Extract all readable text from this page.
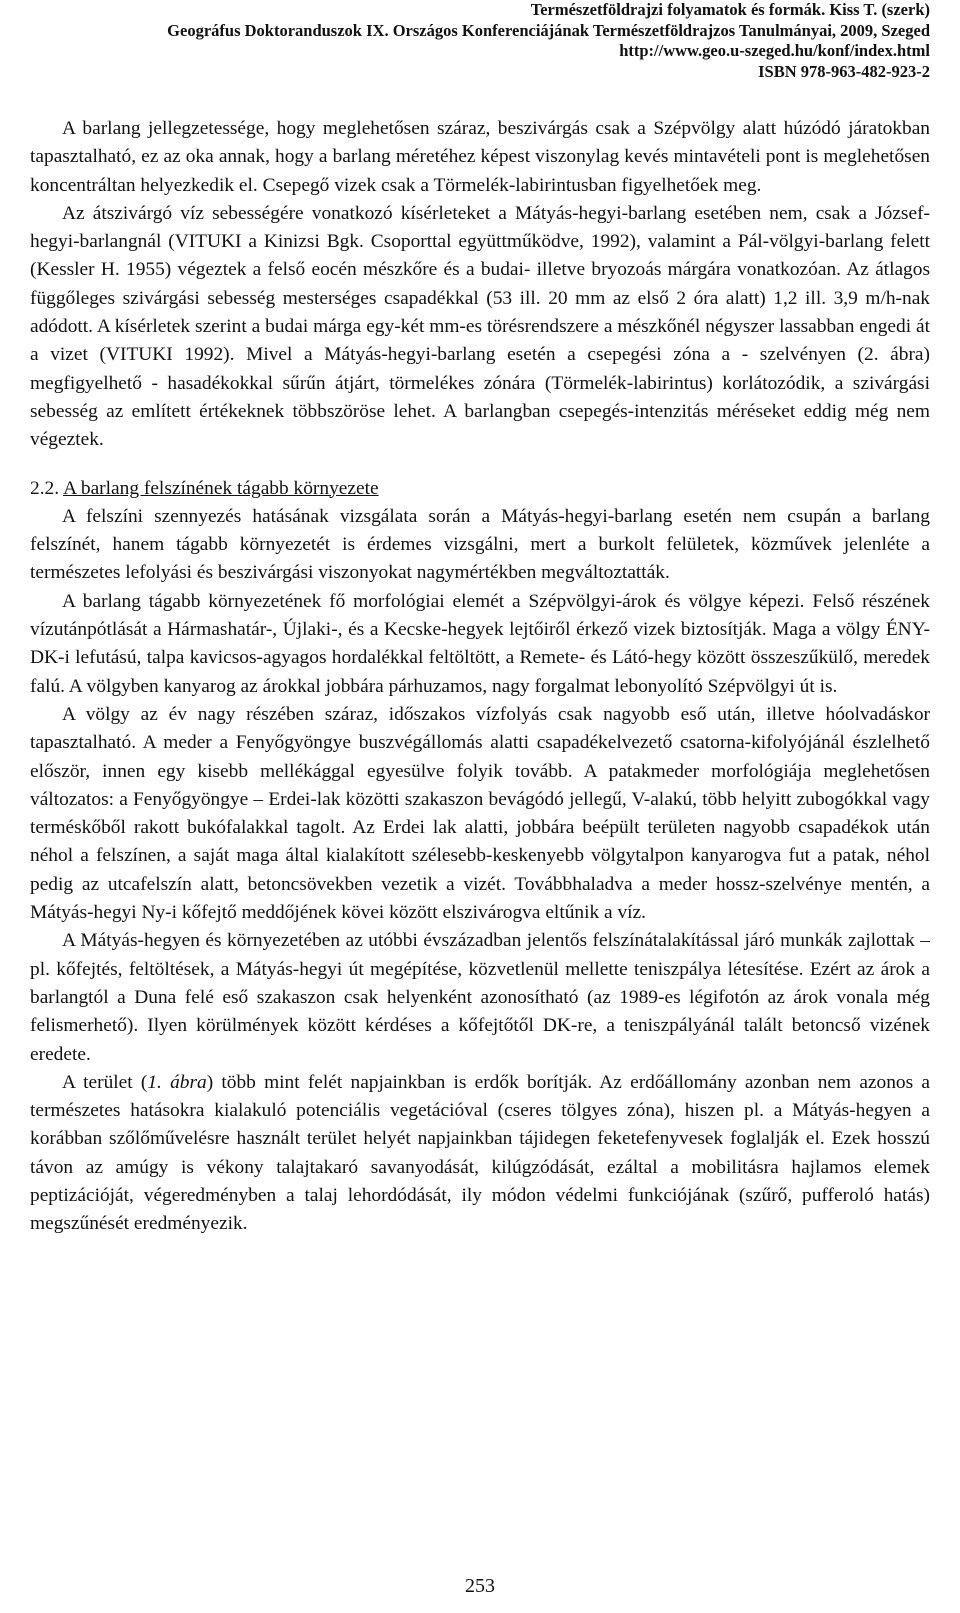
Természetföldrajzi folyamatok és formák. Kiss T. (szerk)
Geográfus Doktoranduszok IX. Országos Konferenciájának Természetföldrajzos Tanulmányai, 2009, Szeged
http://www.geo.u-szeged.hu/konf/index.html
ISBN 978-963-482-923-2

A barlang jellegzetessége, hogy meglehetősen száraz, beszivárgás csak a Szépvölgy alatt húzódó járatokban tapasztalható, ez az oka annak, hogy a barlang méretéhez képest viszonylag kevés mintavételi pont is meglehetősen koncentráltan helyezkedik el. Csepegő vizek csak a Törmelék-labirintusban figyelhetőek meg.

Az átszivárgó víz sebességére vonatkozó kísérleteket a Mátyás-hegyi-barlang esetében nem, csak a József-hegyi-barlangnál (VITUKI a Kinizsi Bgk. Csoporttal együttműködve, 1992), valamint a Pál-völgyi-barlang felett (Kessler H. 1955) végeztek a felső eocén mészkőre és a budai- illetve bryozoás márgára vonatkozóan. Az átlagos függőleges szivárgási sebesség mesterséges csapadékkal (53 ill. 20 mm az első 2 óra alatt) 1,2 ill. 3,9 m/h-nak adódott. A kísérletek szerint a budai márga egy-két mm-es törésrendszere a mészkőnél négyszer lassabban engedi át a vizet (VITUKI 1992). Mivel a Mátyás-hegyi-barlang esetén a csepegési zóna a - szelvényen (2. ábra) megfigyelhető - hasadékokkal sűrűn átjárt, törmelékes zónára (Törmelék-labirintus) korlátozódik, a szivárgási sebesség az említett értékeknek többszöröse lehet. A barlangban csepegés-intenzitás méréseket eddig még nem végeztek.

2.2. A barlang felszínének tágabb környezete

A felszíni szennyezés hatásának vizsgálata során a Mátyás-hegyi-barlang esetén nem csupán a barlang felszínét, hanem tágabb környezetét is érdemes vizsgálni, mert a burkolt felületek, közművek jelenléte a természetes lefolyási és beszivárgási viszonyokat nagymértékben megváltoztatták.

A barlang tágabb környezetének fő morfológiai elemét a Szépvölgyi-árok és völgye képezi. Felső részének vízutánpótlását a Hármashatár-, Újlaki-, és a Kecske-hegyek lejtőiről érkező vizek biztosítják. Maga a völgy ÉNY-DK-i lefutású, talpa kavicsos-agyagos hordalékkal feltöltött, a Remete- és Látó-hegy között összeszűkülő, meredek falú. A völgyben kanyarog az árokkal jobbára párhuzamos, nagy forgalmat lebonyolító Szépvölgyi út is.

A völgy az év nagy részében száraz, időszakos vízfolyás csak nagyobb eső után, illetve hóolvadáskor tapasztalható. A meder a Fenyőgyöngye buszvégállomás alatti csapadékelvezető csatorna-kifolyójánál észlelhető először, innen egy kisebb mellékággal egyesülve folyik tovább. A patakmeder morfológiája meglehetősen változatos: a Fenyőgyöngye – Erdei-lak közötti szakaszon bevágódó jellegű, V-alakú, több helyitt zubogókkal vagy terméskőből rakott bukófalakkal tagolt. Az Erdei lak alatti, jobbára beépült területen nagyobb csapadékok után néhol a felszínen, a saját maga által kialakított szélesebb-keskenyebb völgytalpon kanyarogva fut a patak, néhol pedig az utcafelszín alatt, betoncsövekben vezetik a vizét. Továbbhaladva a meder hossz-szelvénye mentén, a Mátyás-hegyi Ny-i kőfejtő meddőjének kövei között elszivárogva eltűnik a víz.

A Mátyás-hegyen és környezetében az utóbbi évszázadban jelentős felszínátalakítással járó munkák zajlottak – pl. kőfejtés, feltöltések, a Mátyás-hegyi út megépítése, közvetlenül mellette teniszpálya létesítése. Ezért az árok a barlangtól a Duna felé eső szakaszon csak helyenként azonosítható (az 1989-es légifotón az árok vonala még felismerhető). Ilyen körülmények között kérdéses a kőfejtőtől DK-re, a teniszpályánál talált betoncső vizének eredete.

A terület (1. ábra) több mint felét napjainkban is erdők borítják. Az erdőállomány azonban nem azonos a természetes hatásokra kialakuló potenciális vegetációval (cseres tölgyes zóna), hiszen pl. a Mátyás-hegyen a korábban szőlőművelésre használt terület helyét napjainkban tájidegen feketefenyvesek foglalják el. Ezek hosszú távon az amúgy is vékony talajtakaró savanyodását, kilúgzódását, ezáltal a mobilitásra hajlamos elemek peptizációját, végeredményben a talaj lehordódását, ily módon védelmi funkciójának (szűrő, pufferoló hatás) megszűnését eredményezik.

253
